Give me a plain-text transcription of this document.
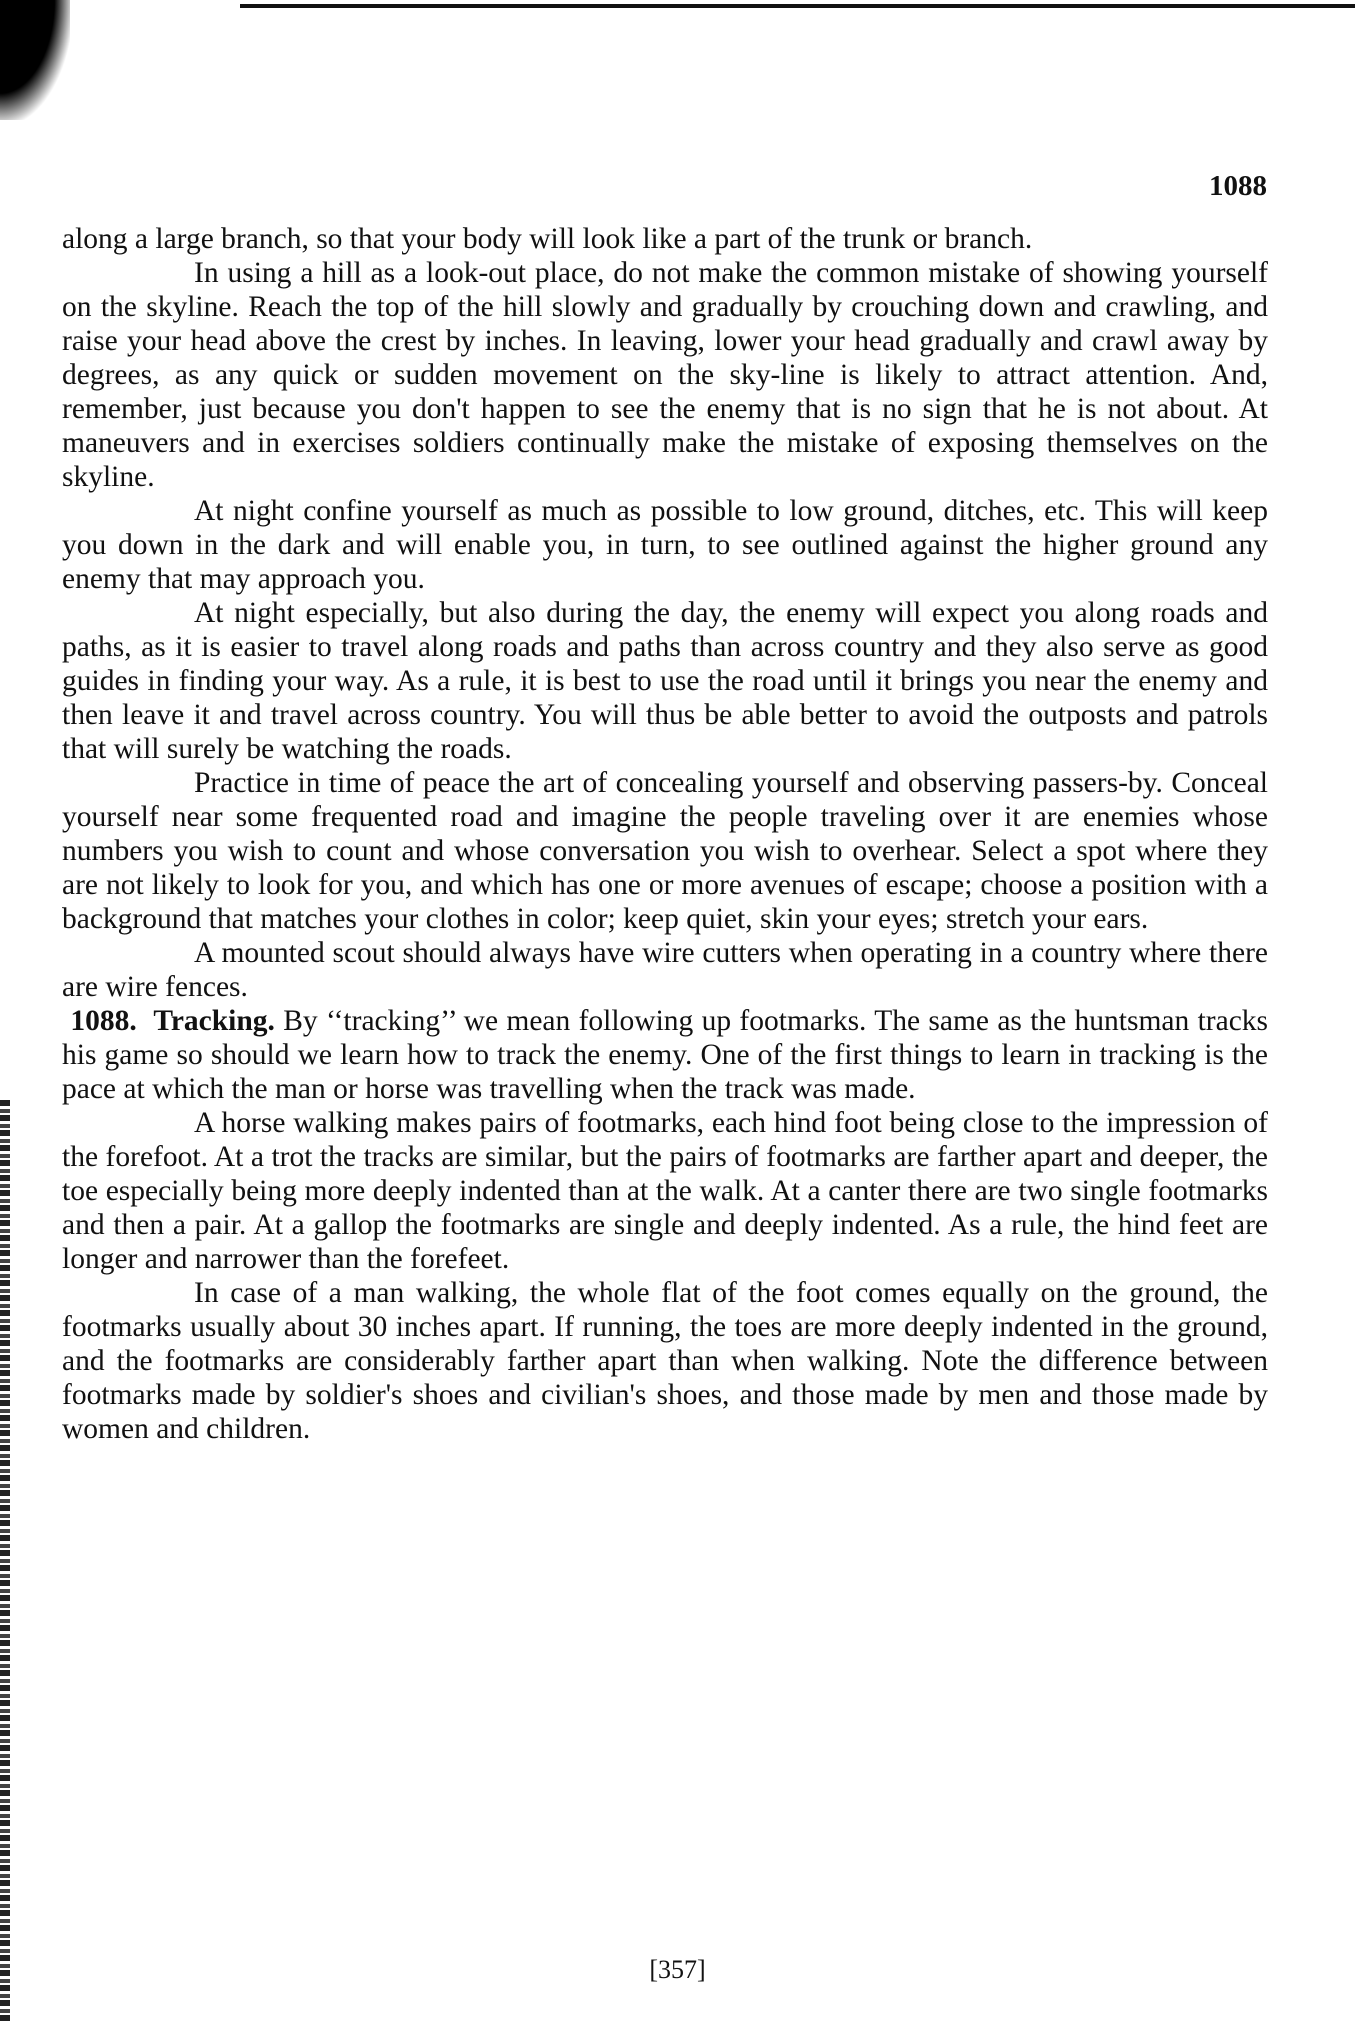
1088

along a large branch, so that your body will look like a part of the trunk or branch.

In using a hill as a look-out place, do not make the common mistake of showing yourself on the skyline. Reach the top of the hill slowly and gradually by crouching down and crawling, and raise your head above the crest by inches. In leaving, lower your head gradually and crawl away by degrees, as any quick or sudden movement on the sky-line is likely to attract attention. And, remember, just because you don't happen to see the enemy that is no sign that he is not about. At maneuvers and in exercises soldiers continually make the mistake of exposing themselves on the skyline.

At night confine yourself as much as possible to low ground, ditches, etc. This will keep you down in the dark and will enable you, in turn, to see outlined against the higher ground any enemy that may approach you.

At night especially, but also during the day, the enemy will expect you along roads and paths, as it is easier to travel along roads and paths than across country and they also serve as good guides in finding your way. As a rule, it is best to use the road until it brings you near the enemy and then leave it and travel across country. You will thus be able better to avoid the outposts and patrols that will surely be watching the roads.

Practice in time of peace the art of concealing yourself and observing passers-by. Conceal yourself near some frequented road and imagine the people traveling over it are enemies whose numbers you wish to count and whose conversation you wish to overhear. Select a spot where they are not likely to look for you, and which has one or more avenues of escape; choose a position with a background that matches your clothes in color; keep quiet, skin your eyes; stretch your ears.

A mounted scout should always have wire cutters when operating in a country where there are wire fences.

1088. Tracking. By ‘‘tracking’’ we mean following up footmarks. The same as the huntsman tracks his game so should we learn how to track the enemy. One of the first things to learn in tracking is the pace at which the man or horse was travelling when the track was made.

A horse walking makes pairs of footmarks, each hind foot being close to the impression of the forefoot. At a trot the tracks are similar, but the pairs of footmarks are farther apart and deeper, the toe especially being more deeply indented than at the walk. At a canter there are two single footmarks and then a pair. At a gallop the footmarks are single and deeply indented. As a rule, the hind feet are longer and narrower than the forefeet.

In case of a man walking, the whole flat of the foot comes equally on the ground, the footmarks usually about 30 inches apart. If running, the toes are more deeply indented in the ground, and the footmarks are considerably farther apart than when walking. Note the difference between footmarks made by soldier's shoes and civilian's shoes, and those made by men and those made by women and children.

[357]
